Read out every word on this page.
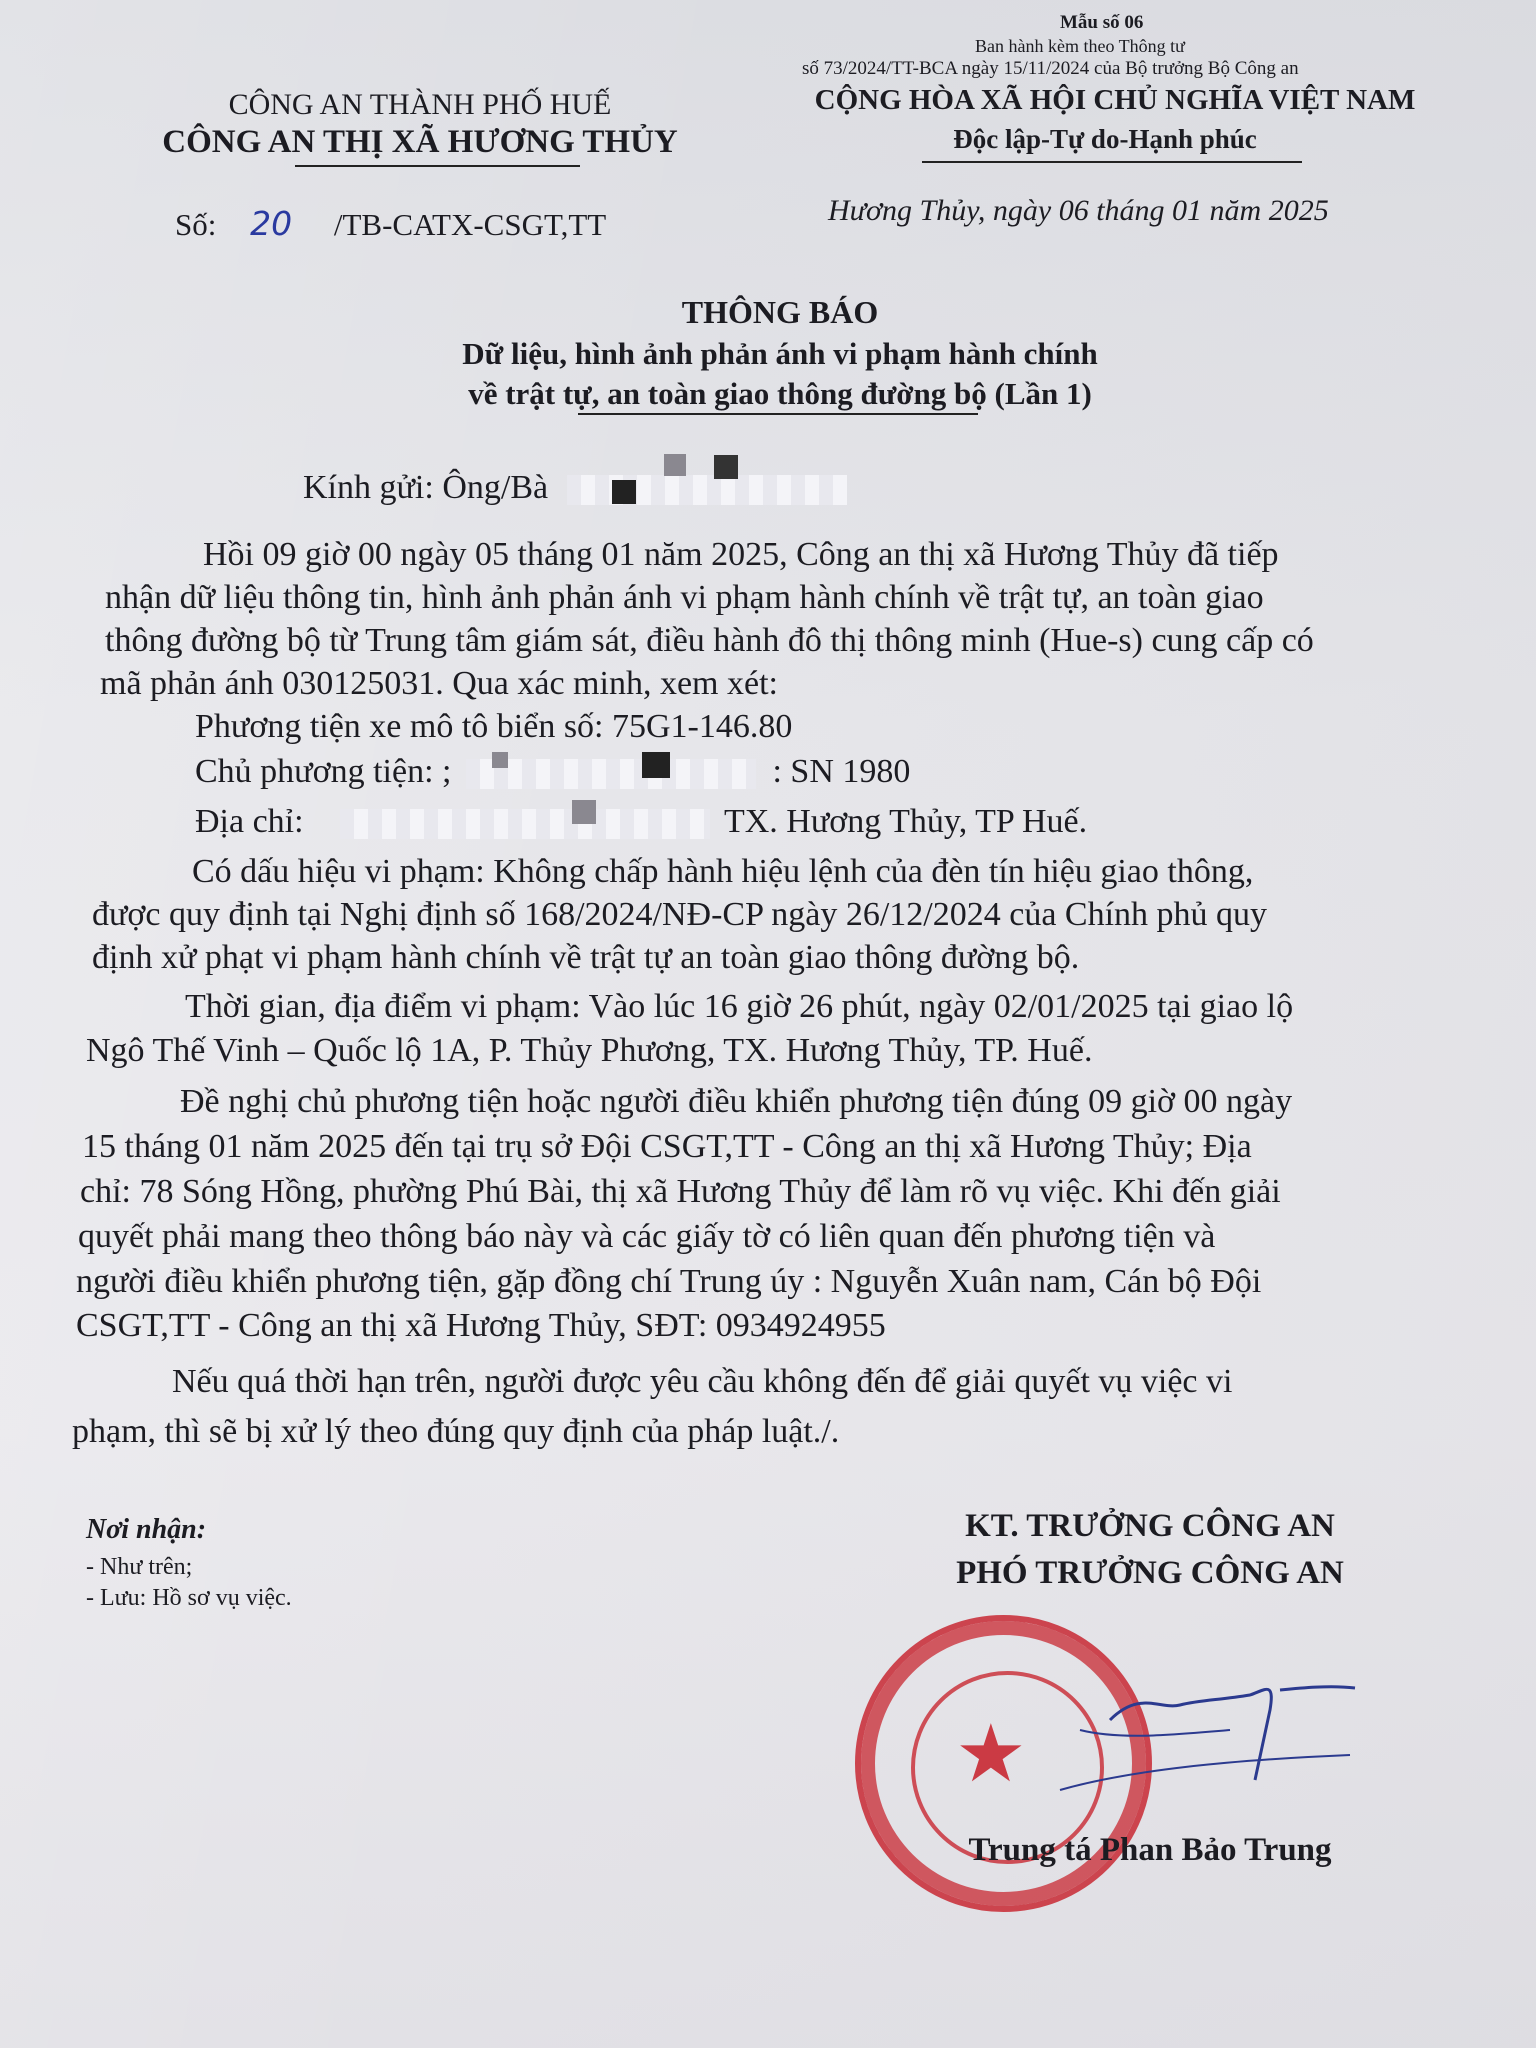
CÔNG AN THÀNH PHỐ HUẾ
CÔNG AN THỊ XÃ HƯƠNG THỦY
Mẫu số 06
Ban hành kèm theo Thông tư
số 73/2024/TT-BCA ngày 15/11/2024 của Bộ trưởng Bộ Công an
CỘNG HÒA XÃ HỘI CHỦ NGHĨA VIỆT NAM
Độc lập-Tự do-Hạnh phúc
Số: 20 /TB-CATX-CSGT,TT	Hương Thủy, ngày 06 tháng 01 năm 2025
THÔNG BÁO
Dữ liệu, hình ảnh phản ánh vi phạm hành chính
về trật tự, an toàn giao thông đường bộ (Lần 1)
Kính gửi: Ông/Bà
Hồi 09 giờ 00 ngày 05 tháng 01 năm 2025, Công an thị xã Hương Thủy đã tiếp
nhận dữ liệu thông tin, hình ảnh phản ánh vi phạm hành chính về trật tự, an toàn giao
thông đường bộ từ Trung tâm giám sát, điều hành đô thị thông minh (Hue-s) cung cấp có
mã phản ánh 030125031. Qua xác minh, xem xét:
Phương tiện xe mô tô biển số: 75G1-146.80
Chủ phương tiện: ;	: SN 1980
Địa chỉ:	TX. Hương Thủy, TP Huế.
Có dấu hiệu vi phạm: Không chấp hành hiệu lệnh của đèn tín hiệu giao thông,
được quy định tại Nghị định số 168/2024/NĐ-CP ngày 26/12/2024 của Chính phủ quy
định xử phạt vi phạm hành chính về trật tự an toàn giao thông đường bộ.
Thời gian, địa điểm vi phạm: Vào lúc 16 giờ 26 phút, ngày 02/01/2025 tại giao lộ
Ngô Thế Vinh – Quốc lộ 1A, P. Thủy Phương, TX. Hương Thủy, TP. Huế.
Đề nghị chủ phương tiện hoặc người điều khiển phương tiện đúng 09 giờ 00 ngày
15 tháng 01 năm 2025 đến tại trụ sở Đội CSGT,TT - Công an thị xã Hương Thủy; Địa
chỉ: 78 Sóng Hồng, phường Phú Bài, thị xã Hương Thủy để làm rõ vụ việc. Khi đến giải
quyết phải mang theo thông báo này và các giấy tờ có liên quan đến phương tiện và
người điều khiển phương tiện, gặp đồng chí Trung úy : Nguyễn Xuân nam, Cán bộ Đội
CSGT,TT - Công an thị xã Hương Thủy, SĐT: 0934924955
Nếu quá thời hạn trên, người được yêu cầu không đến để giải quyết vụ việc vi
phạm, thì sẽ bị xử lý theo đúng quy định của pháp luật./.
Nơi nhận:
- Như trên;
- Lưu: Hồ sơ vụ việc.
KT. TRƯỞNG CÔNG AN
PHÓ TRƯỞNG CÔNG AN
★
Trung tá Phan Bảo Trung
